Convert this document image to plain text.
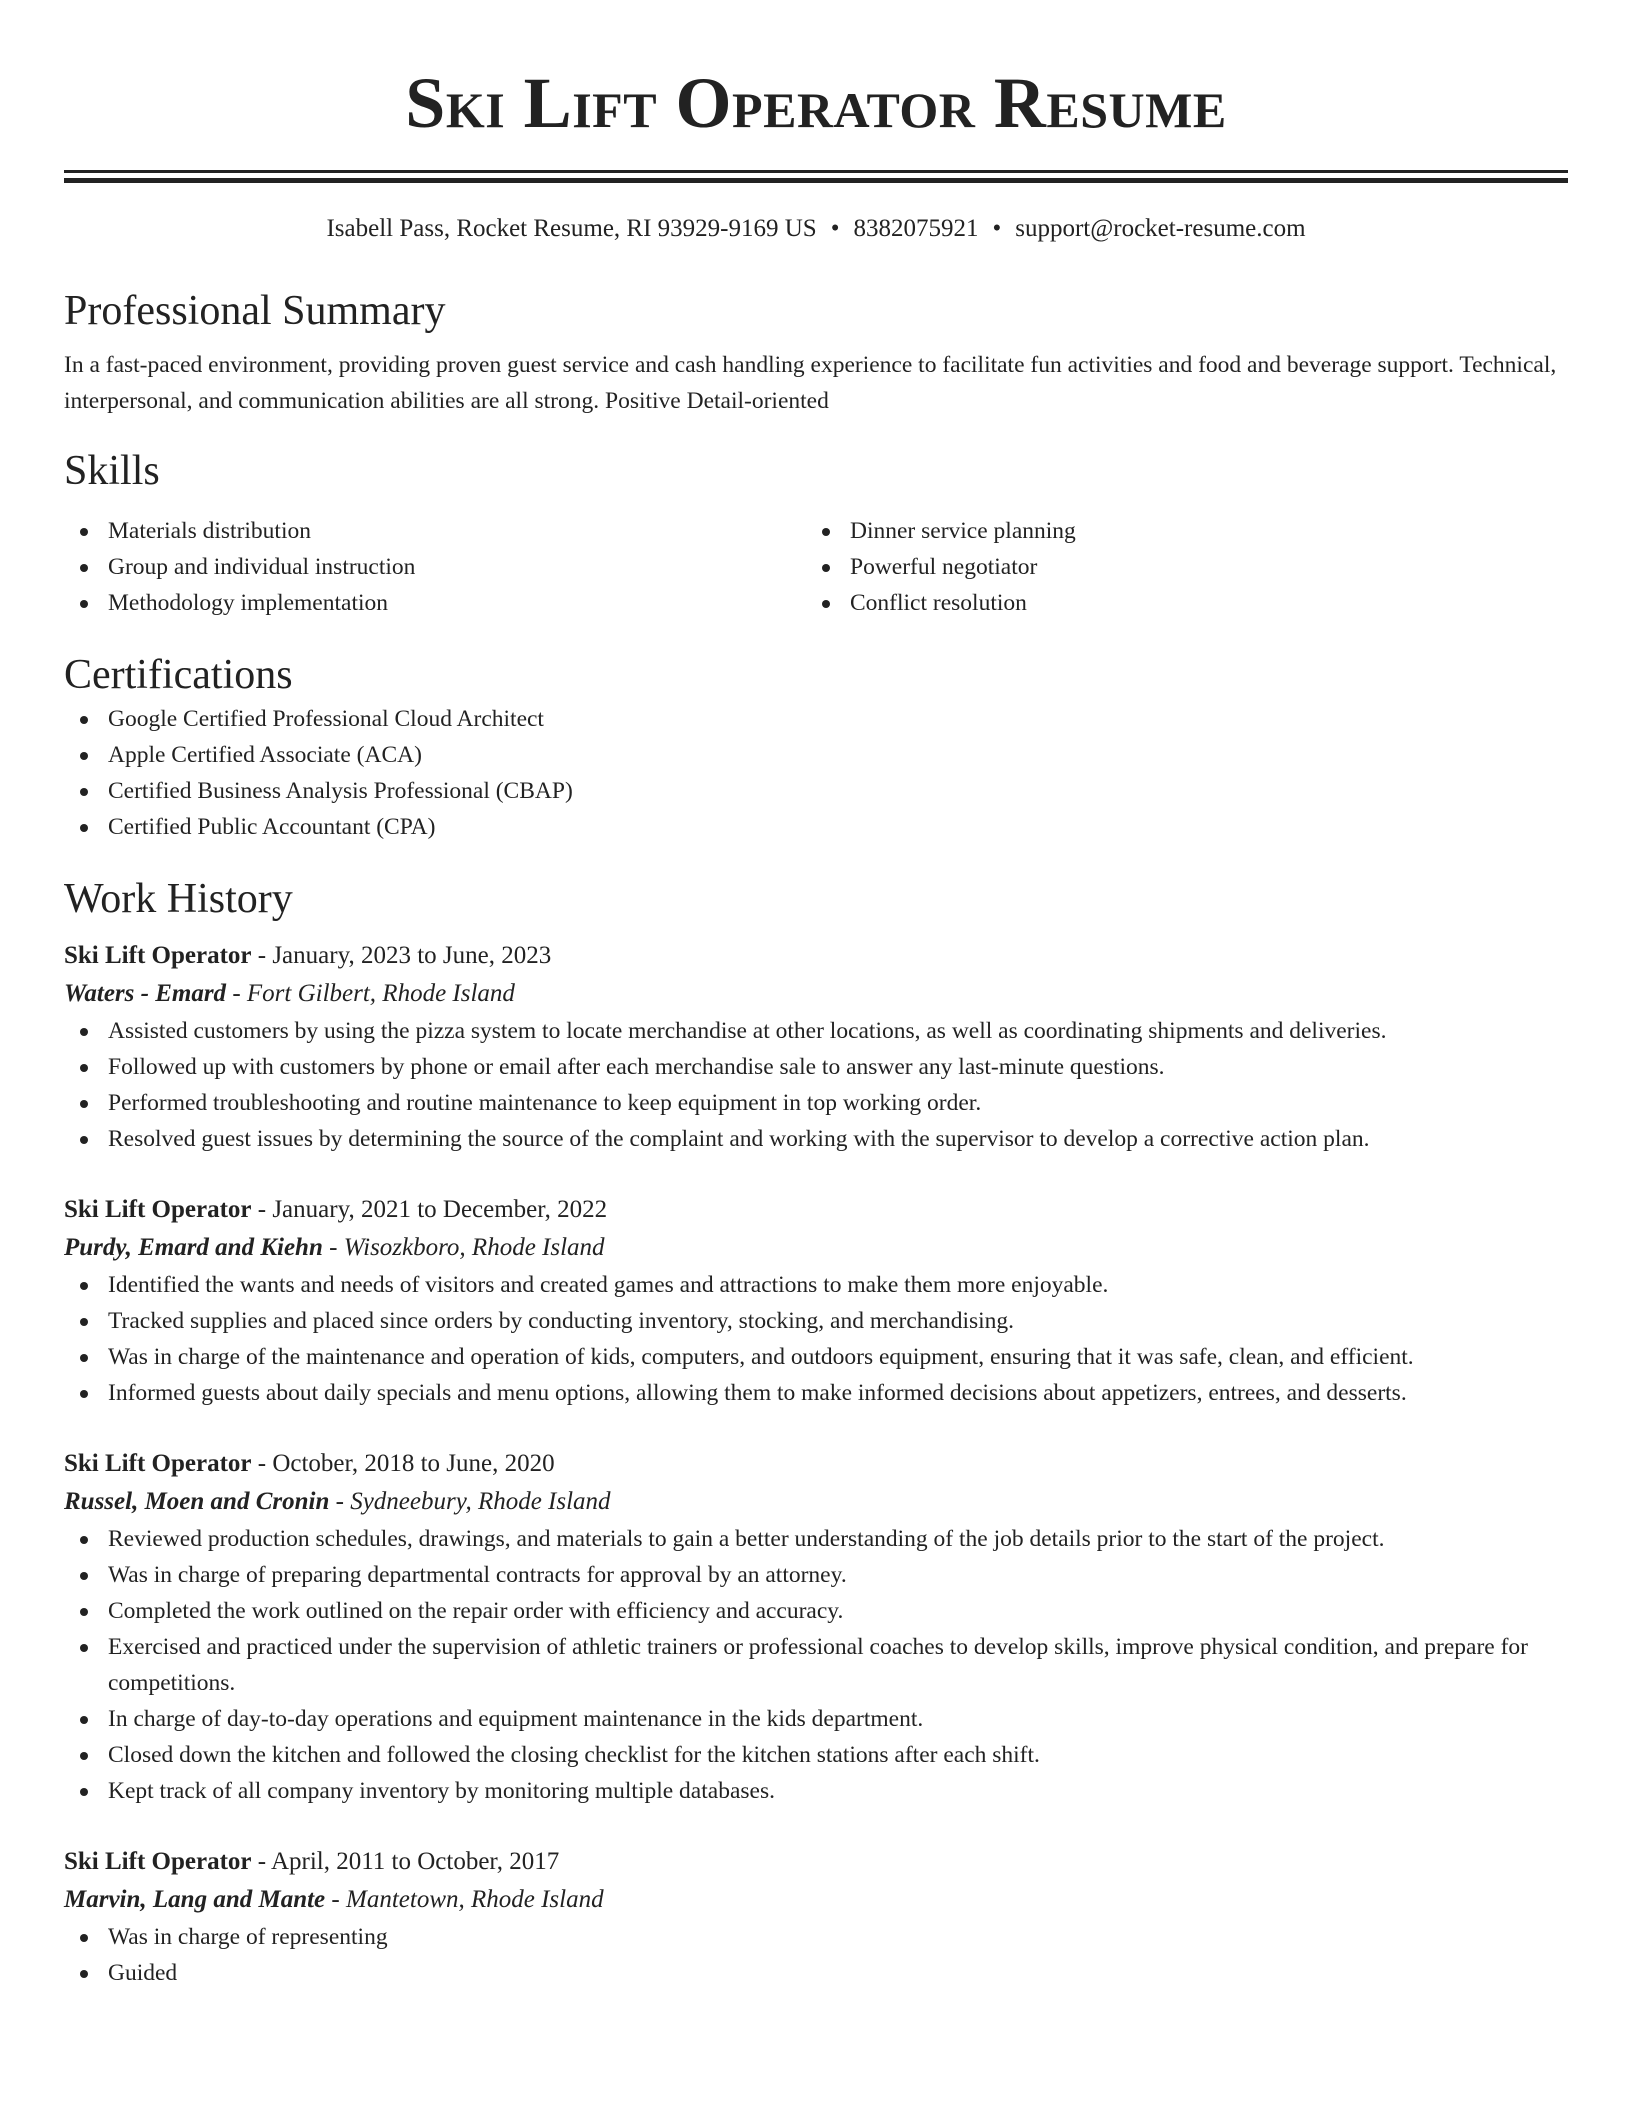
Ski Lift Operator Resume
Isabell Pass, Rocket Resume, RI 93929-9169 US • 8382075921 • support@rocket-resume.com
Professional Summary

In a fast-paced environment, providing proven guest service and cash handling experience to facilitate fun activities and food and beverage support. Technical, interpersonal, and communication abilities are all strong. Positive Detail-oriented

Skills
Materials distribution
Group and individual instruction
Methodology implementation
Dinner service planning
Powerful negotiator
Conflict resolution
Certifications
Google Certified Professional Cloud Architect
Apple Certified Associate (ACA)
Certified Business Analysis Professional (CBAP)
Certified Public Accountant (CPA)
Work History
Ski Lift Operator - January, 2023 to June, 2023
Waters - Emard - Fort Gilbert, Rhode Island
Assisted customers by using the pizza system to locate merchandise at other locations, as well as coordinating shipments and deliveries.
Followed up with customers by phone or email after each merchandise sale to answer any last-minute questions.
Performed troubleshooting and routine maintenance to keep equipment in top working order.
Resolved guest issues by determining the source of the complaint and working with the supervisor to develop a corrective action plan.
Ski Lift Operator - January, 2021 to December, 2022
Purdy, Emard and Kiehn - Wisozkboro, Rhode Island
Identified the wants and needs of visitors and created games and attractions to make them more enjoyable.
Tracked supplies and placed since orders by conducting inventory, stocking, and merchandising.
Was in charge of the maintenance and operation of kids, computers, and outdoors equipment, ensuring that it was safe, clean, and efficient.
Informed guests about daily specials and menu options, allowing them to make informed decisions about appetizers, entrees, and desserts.
Ski Lift Operator - October, 2018 to June, 2020
Russel, Moen and Cronin - Sydneebury, Rhode Island
Reviewed production schedules, drawings, and materials to gain a better understanding of the job details prior to the start of the project.
Was in charge of preparing departmental contracts for approval by an attorney.
Completed the work outlined on the repair order with efficiency and accuracy.
Exercised and practiced under the supervision of athletic trainers or professional coaches to develop skills, improve physical condition, and prepare for competitions.
In charge of day-to-day operations and equipment maintenance in the kids department.
Closed down the kitchen and followed the closing checklist for the kitchen stations after each shift.
Kept track of all company inventory by monitoring multiple databases.
Ski Lift Operator - April, 2011 to October, 2017
Marvin, Lang and Mante - Mantetown, Rhode Island
Was in charge of representing
Guided
